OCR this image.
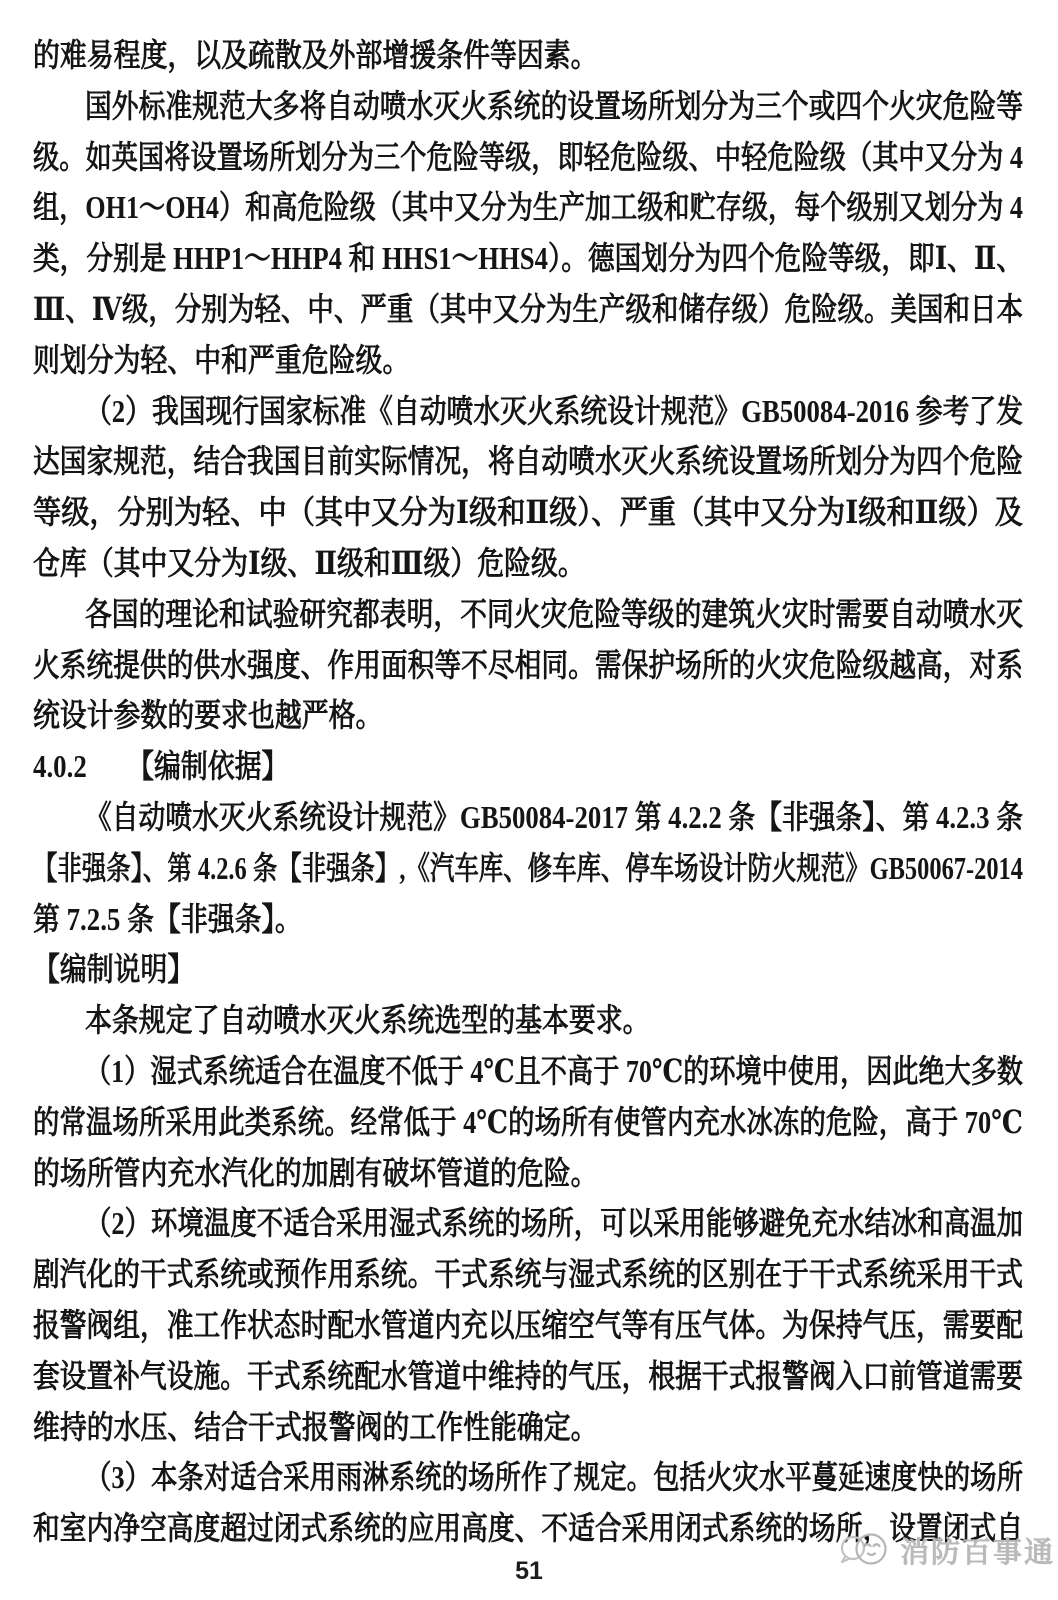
的难易程度，以及疏散及外部增援条件等因素。
国外标准规范大多将自动喷水灭火系统的设置场所划分为三个或四个火灾危险等
级。如英国将设置场所划分为三个危险等级，即轻危险级、中轻危险级（其中又分为 4
组，OH1～OH4）和高危险级（其中又分为生产加工级和贮存级，每个级别又划分为 4
类，分别是 HHP1～HHP4 和 HHS1～HHS4）。德国划分为四个危险等级，即Ⅰ、Ⅱ、
Ⅲ、Ⅳ级，分别为轻、中、严重（其中又分为生产级和储存级）危险级。美国和日本
则划分为轻、中和严重危险级。
（2）我国现行国家标准《自动喷水灭火系统设计规范》GB50084-2016 参考了发
达国家规范，结合我国目前实际情况，将自动喷水灭火系统设置场所划分为四个危险
等级，分别为轻、中（其中又分为Ⅰ级和Ⅱ级）、严重（其中又分为Ⅰ级和Ⅱ级）及
仓库（其中又分为Ⅰ级、Ⅱ级和Ⅲ级）危险级。
各国的理论和试验研究都表明，不同火灾危险等级的建筑火灾时需要自动喷水灭
火系统提供的供水强度、作用面积等不尽相同。需保护场所的火灾危险级越高，对系
统设计参数的要求也越严格。
4.0.2　  【编制依据】
《自动喷水灭火系统设计规范》GB50084-2017 第 4.2.2 条【非强条】、第 4.2.3 条
【非强条】、第 4.2.6 条【非强条】,《汽车库、修车库、停车场设计防火规范》GB50067-2014
第 7.2.5 条【非强条】。
【编制说明】
本条规定了自动喷水灭火系统选型的基本要求。
（1）湿式系统适合在温度不低于 4℃且不高于 70℃的环境中使用，因此绝大多数
的常温场所采用此类系统。经常低于 4℃的场所有使管内充水冰冻的危险，高于 70℃
的场所管内充水汽化的加剧有破坏管道的危险。
（2）环境温度不适合采用湿式系统的场所，可以采用能够避免充水结冰和高温加
剧汽化的干式系统或预作用系统。干式系统与湿式系统的区别在于干式系统采用干式
报警阀组，准工作状态时配水管道内充以压缩空气等有压气体。为保持气压，需要配
套设置补气设施。干式系统配水管道中维持的气压，根据干式报警阀入口前管道需要
维持的水压、结合干式报警阀的工作性能确定。
（3）本条对适合采用雨淋系统的场所作了规定。包括火灾水平蔓延速度快的场所
和室内净空高度超过闭式系统的应用高度、不适合采用闭式系统的场所，设置闭式自
消防百事通
51
